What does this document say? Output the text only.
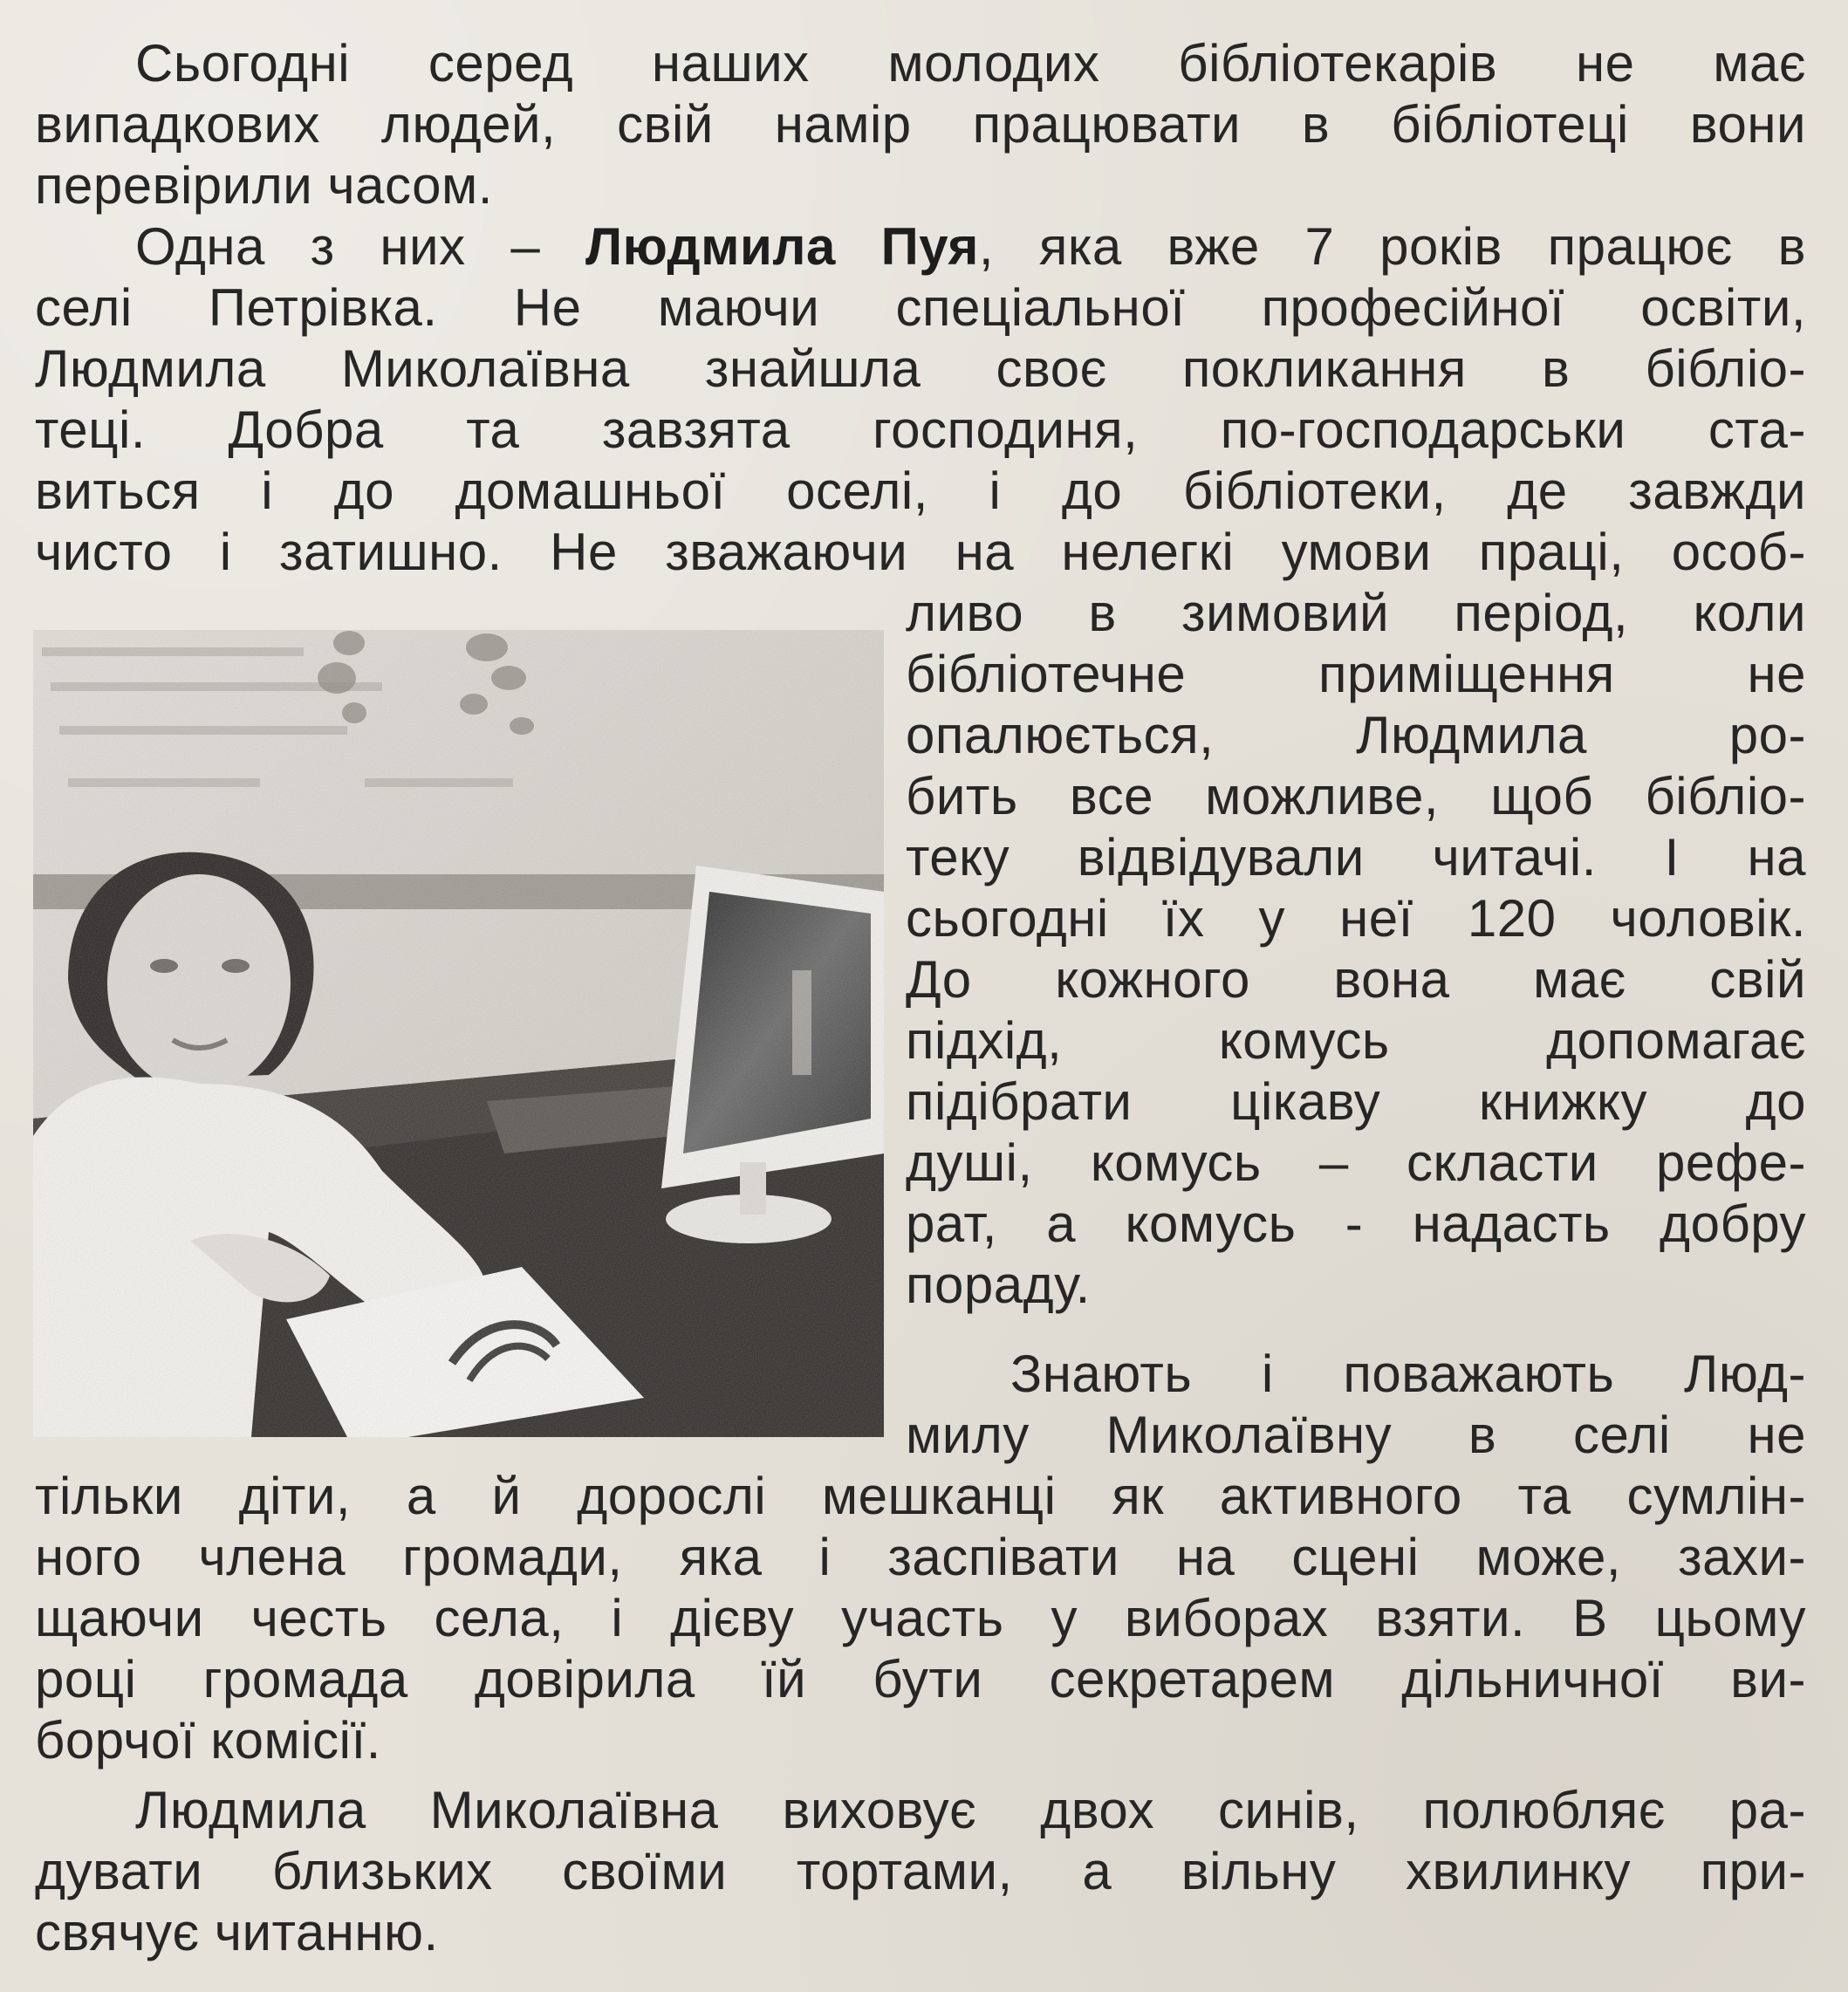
Сьогодні серед наших молодих бібліотекарів не має
випадкових людей, свій намір працювати в бібліотеці вони
перевірили часом.
Одна з них – Людмила Пуя, яка вже 7 років працює в
селі Петрівка. Не маючи спеціальної професійної освіти,
Людмила Миколаївна знайшла своє покликання в бібліо-
теці. Добра та завзята господиня, по-господарськи ста-
виться і до домашньої оселі, і до бібліотеки, де завжди
чисто і затишно. Не зважаючи на нелегкі умови праці, особ-
ливо в зимовий період, коли
бібліотечне приміщення не
опалюється, Людмила ро-
бить все можливе, щоб бібліо-
теку відвідували читачі. І на
сьогодні їх у неї 120 чоловік.
До кожного вона має свій
підхід, комусь допомагає
підібрати цікаву книжку до
душі, комусь – скласти рефе-
рат, а комусь - надасть добру
пораду.
Знають і поважають Люд-
милу Миколаївну в селі не
тільки діти, а й дорослі мешканці як активного та сумлін-
ного члена громади, яка і заспівати на сцені може, захи-
щаючи честь села, і дієву участь у виборах взяти. В цьому
році громада довірила їй бути секретарем дільничної ви-
борчої комісії.
Людмила Миколаївна виховує двох синів, полюбляє ра-
дувати близьких своїми тортами, а вільну хвилинку при-
свячує читанню.
